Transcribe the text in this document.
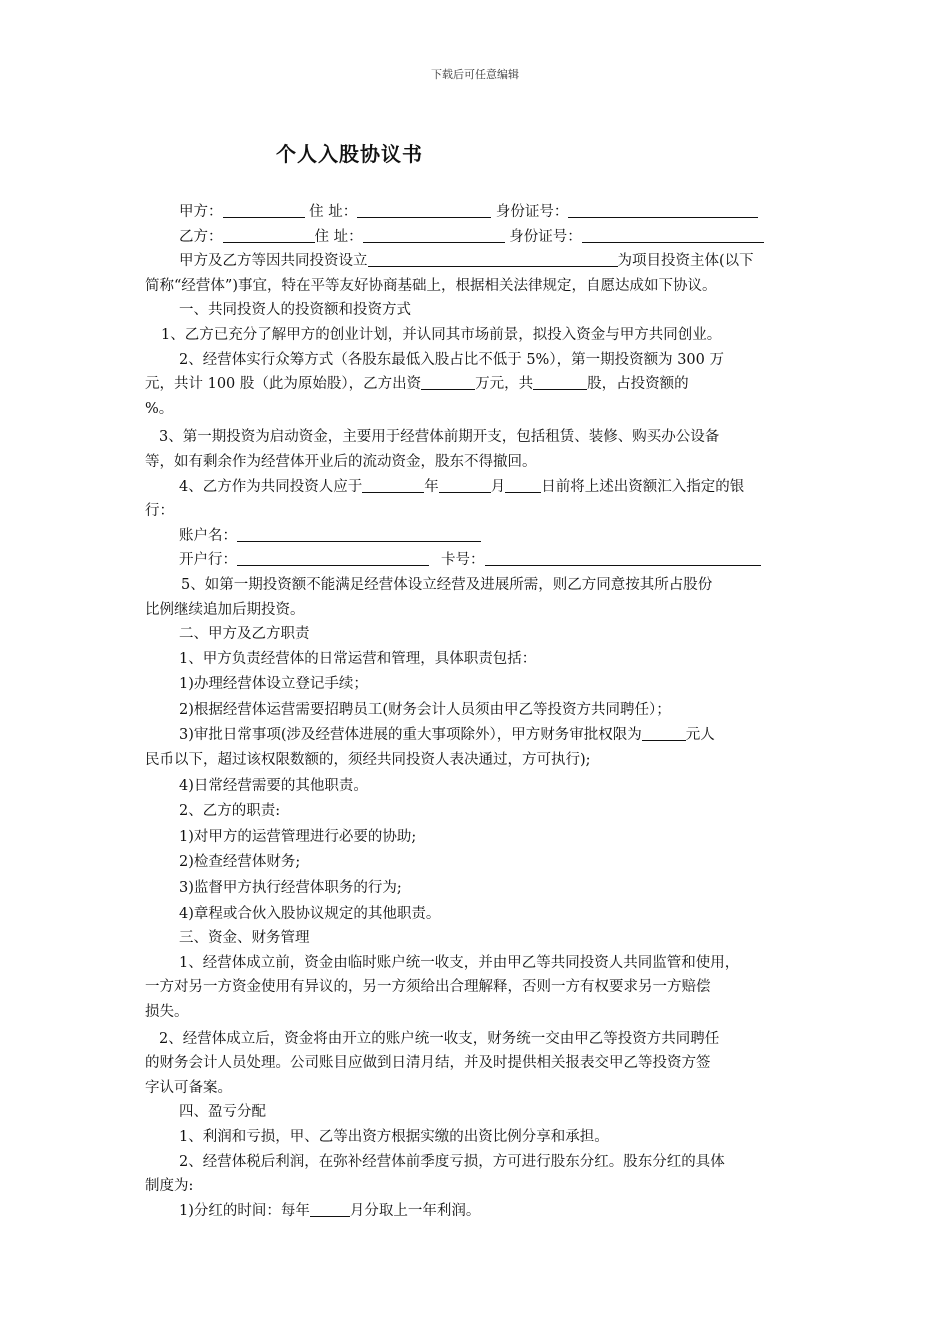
下载后可任意编辑
个人入股协议书
甲方：	住 址：	身份证号：
乙方：	住 址：	身份证号：
甲方及乙方等因共同投资设立	为项目投资主体(以下
简称“经营体”)事宜，特在平等友好协商基础上，根据相关法律规定，自愿达成如下协议。
一、共同投资人的投资额和投资方式
1、乙方已充分了解甲方的创业计划，并认同其市场前景，拟投入资金与甲方共同创业。
2、经营体实行众筹方式（各股东最低入股占比不低于 5%），第一期投资额为 300 万
元，共计 100 股（此为原始股），乙方出资	万元，共	股，占投资额的
%。
3、第一期投资为启动资金，主要用于经营体前期开支，包括租赁、装修、购买办公设备
等，如有剩余作为经营体开业后的流动资金，股东不得撤回。
4、乙方作为共同投资人应于	年	月 日前将上述出资额汇入指定的银
行：
账户名：
开户行：	卡号：
5、如第一期投资额不能满足经营体设立经营及进展所需，则乙方同意按其所占股份
比例继续追加后期投资。
二、甲方及乙方职责
1、甲方负责经营体的日常运营和管理，具体职责包括：
1)办理经营体设立登记手续；
2)根据经营体运营需要招聘员工(财务会计人员须由甲乙等投资方共同聘任）；
3)审批日常事项(涉及经营体进展的重大事项除外），甲方财务审批权限为	元人
民币以下，超过该权限数额的，须经共同投资人表决通过，方可执行);
4)日常经营需要的其他职责。
2、乙方的职责:
1)对甲方的运营管理进行必要的协助;
2)检查经营体财务;
3)监督甲方执行经营体职务的行为;
4)章程或合伙入股协议规定的其他职责。
三、资金、财务管理
1、经营体成立前，资金由临时账户统一收支，并由甲乙等共同投资人共同监管和使用，
一方对另一方资金使用有异议的，另一方须给出合理解释，否则一方有权要求另一方赔偿
损失。
2、经营体成立后，资金将由开立的账户统一收支，财务统一交由甲乙等投资方共同聘任
的财务会计人员处理。公司账目应做到日清月结，并及时提供相关报表交甲乙等投资方签
字认可备案。
四、盈亏分配
1、利润和亏损，甲、乙等出资方根据实缴的出资比例分享和承担。
2、经营体税后利润，在弥补经营体前季度亏损，方可进行股东分红。股东分红的具体
制度为:
1)分红的时间：每年	月分取上一年利润。
